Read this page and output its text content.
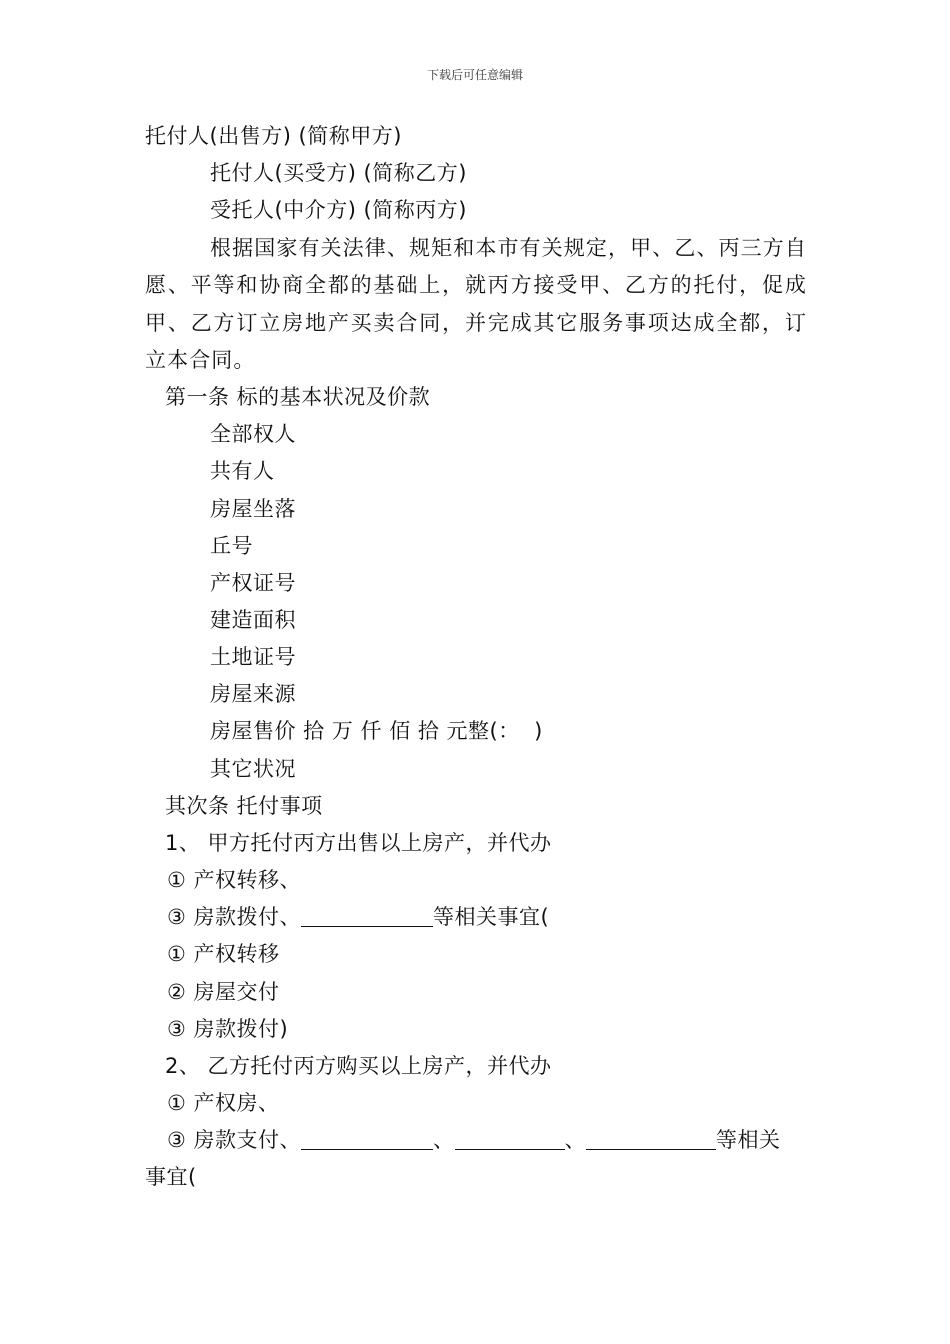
下载后可任意编辑
托付人(出售方) (简称甲方)
托付人(买受方) (简称乙方)
受托人(中介方) (简称丙方)
根据国家有关法律、规矩和本市有关规定，甲、乙、丙三方自愿、平等和协商全都的基础上，就丙方接受甲、乙方的托付，促成甲、乙方订立房地产买卖合同，并完成其它服务事项达成全都，订立本合同。
第一条 标的基本状况及价款
全部权人
共有人
房屋坐落
丘号
产权证号
建造面积
土地证号
房屋来源
房屋售价 拾 万 仟 佰 拾 元整(：  )
其它状况
其次条 托付事项
1、 甲方托付丙方出售以上房产，并代办
① 产权转移、
③ 房款拨付、	等相关事宜(
① 产权转移
② 房屋交付
③ 房款拨付)
2、 乙方托付丙方购买以上房产，并代办
① 产权房、
③ 房款支付、	、	、	等相关
事宜(
